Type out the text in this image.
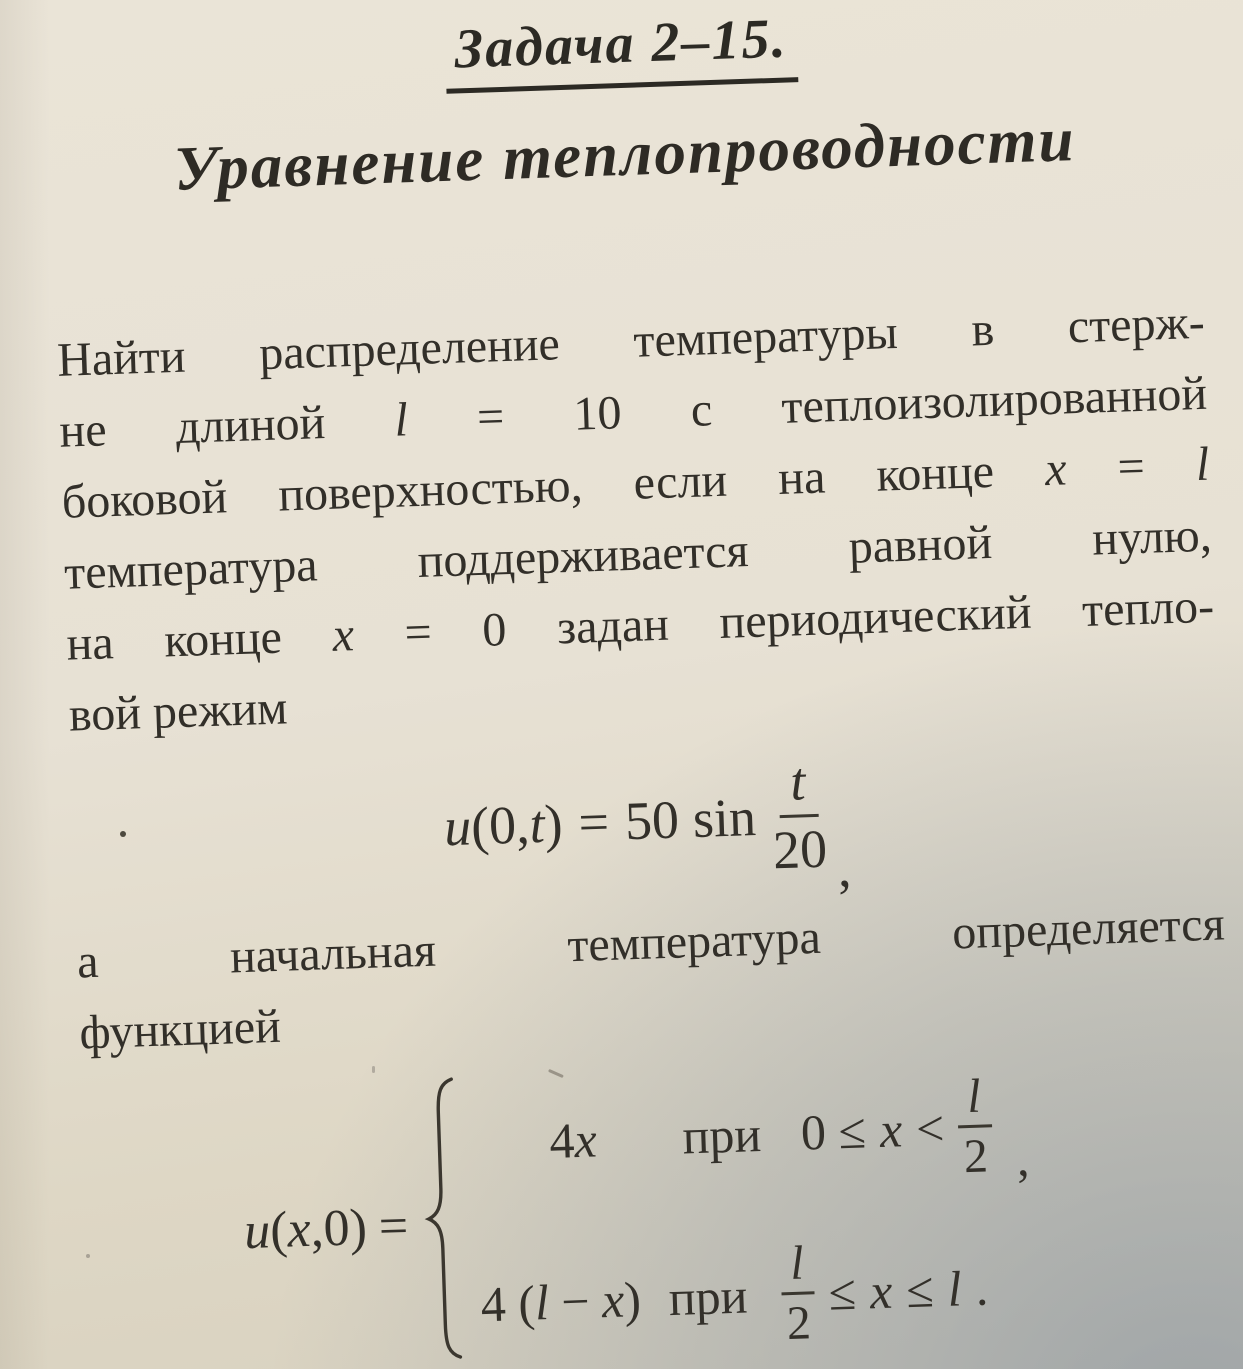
Задача 2–15.
Уравнение теплопроводности
Найти распределение температуры в стерж-
не длиной l = 10 с теплоизолированной
боковой поверхностью, если на конце x = l
температура поддерживается равной нулю,
на конце x = 0 задан периодический тепло-
вой режим
u
(
0,
t
) = 50 $\sin \frac{t}{20}$ ,
а	начальная	температура	определяется
функцией
u(x,0) =
4x при $0 \le x < \frac{l}{2}$ ,
4 (l − x) при $\frac{l}{2} \le x \le l$ .
